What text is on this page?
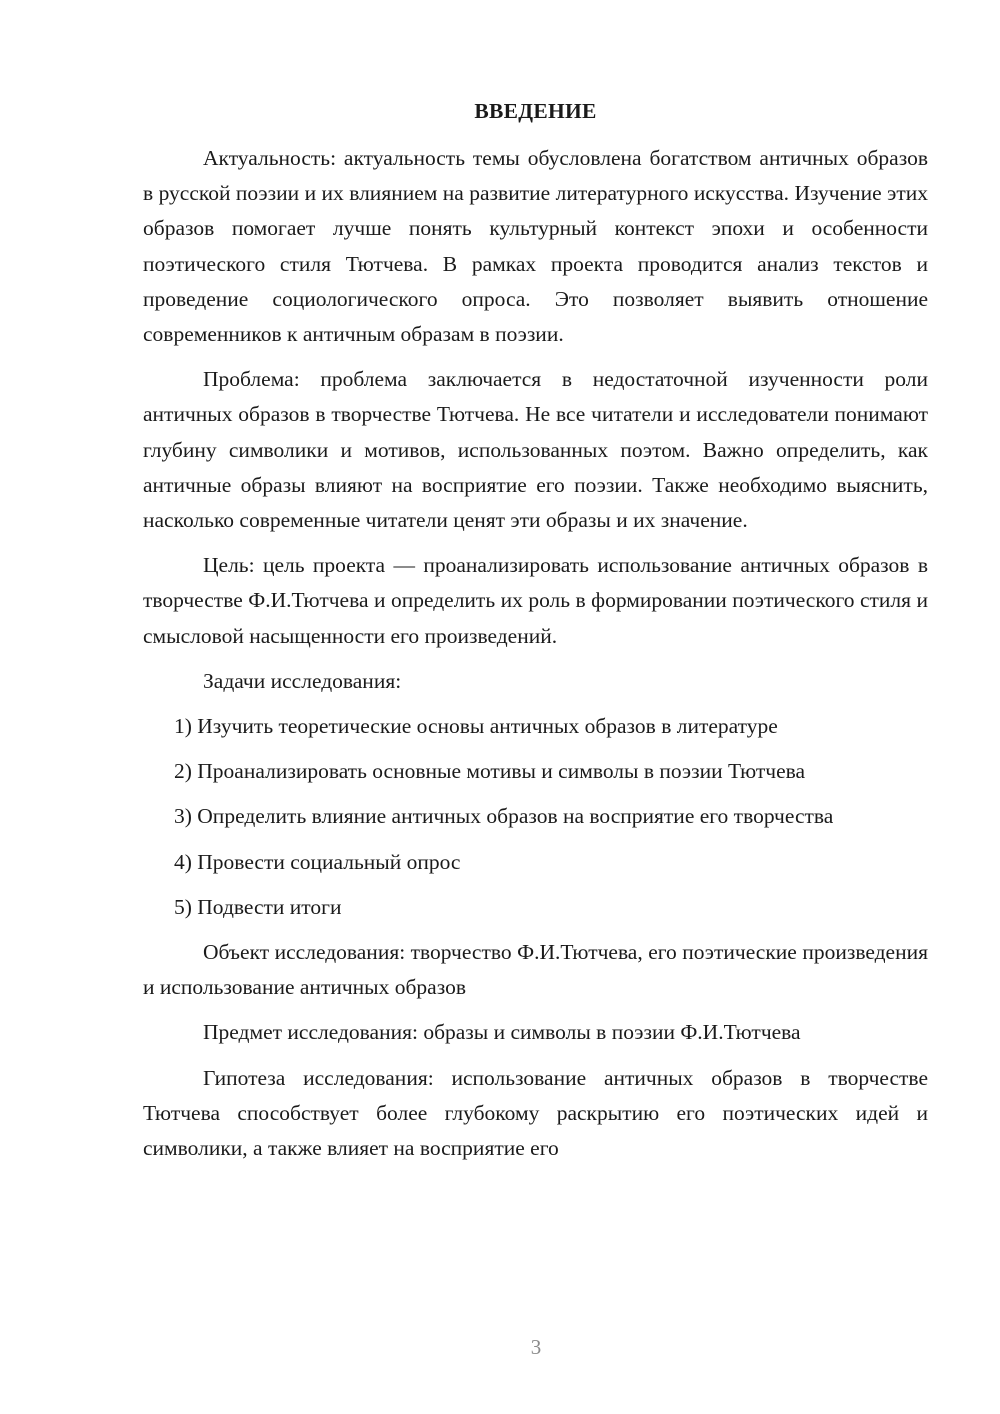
ВВЕДЕНИЕ

Актуальность: актуальность темы обусловлена богатством античных образов в русской поэзии и их влиянием на развитие литературного искусства. Изучение этих образов помогает лучше понять культурный контекст эпохи и особенности поэтического стиля Тютчева. В рамках проекта проводится анализ текстов и проведение социологического опроса. Это позволяет выявить отношение современников к античным образам в поэзии.

Проблема: проблема заключается в недостаточной изученности роли античных образов в творчестве Тютчева. Не все читатели и исследователи понимают глубину символики и мотивов, использованных поэтом. Важно определить, как античные образы влияют на восприятие его поэзии. Также необходимо выяснить, насколько современные читатели ценят эти образы и их значение.

Цель: цель проекта — проанализировать использование античных образов в творчестве Ф.И.Тютчева и определить их роль в формировании поэтического стиля и смысловой насыщенности его произведений.

Задачи исследования:

1) Изучить теоретические основы античных образов в литературе

2) Проанализировать основные мотивы и символы в поэзии Тютчева

3) Определить влияние античных образов на восприятие его творчества

4) Провести социальный опрос

5) Подвести итоги

Объект исследования: творчество Ф.И.Тютчева, его поэтические произведения и использование античных образов

Предмет исследования: образы и символы в поэзии Ф.И.Тютчева

Гипотеза исследования: использование античных образов в творчестве Тютчева способствует более глубокому раскрытию его поэтических идей и символики, а также влияет на восприятие его

3
